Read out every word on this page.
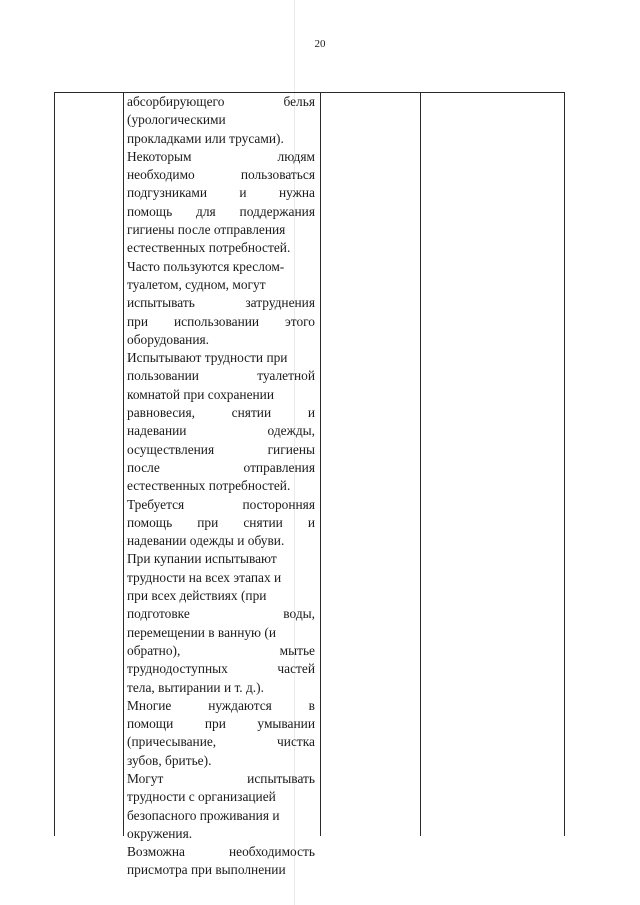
20
абсорбирующего	белья
(урологическими
прокладками или трусами).
Некоторым	людям
необходимо	пользоваться
подгузниками и нужна
помощь для поддержания
гигиены после отправления
естественных потребностей.
Часто пользуются креслом-
туалетом, судном, могут
испытывать	затруднения
при использовании этого
оборудования.
Испытывают трудности при
пользовании	туалетной
комнатой при сохранении
равновесия,	снятии	и
надевании	одежды,
осуществления	гигиены
после	отправления
естественных потребностей.
Требуется	посторонняя
помощь при снятии и
надевании одежды и обуви.
При купании испытывают
трудности на всех этапах и
при всех действиях (при
подготовке	воды,
перемещении в ванную (и
обратно),	мытье
труднодоступных	частей
тела, вытирании и т. д.).
Многие	нуждаются	в
помощи при умывании
(причесывание,	чистка
зубов, бритье).
Могут	испытывать
трудности с организацией
безопасного проживания и
окружения.
Возможна	необходимость
присмотра при выполнении
